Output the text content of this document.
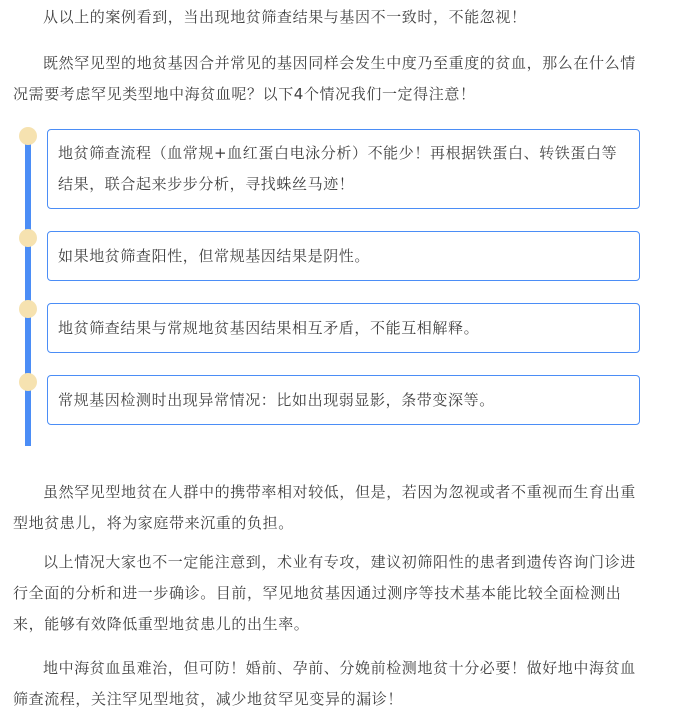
从以上的案例看到，当出现地贫筛查结果与基因不一致时，不能忽视！

既然罕见型的地贫基因合并常见的基因同样会发生中度乃至重度的贫血，那么在什么情况需要考虑罕见类型地中海贫血呢？以下4个情况我们一定得注意！

地贫筛查流程（血常规+血红蛋白电泳分析）不能少！再根据铁蛋白、转铁蛋白等结果，联合起来步步分析，寻找蛛丝马迹！
如果地贫筛查阳性，但常规基因结果是阴性。
地贫筛查结果与常规地贫基因结果相互矛盾，不能互相解释。
常规基因检测时出现异常情况：比如出现弱显影，条带变深等。

虽然罕见型地贫在人群中的携带率相对较低，但是，若因为忽视或者不重视而生育出重型地贫患儿，将为家庭带来沉重的负担。

以上情况大家也不一定能注意到，术业有专攻，建议初筛阳性的患者到遗传咨询门诊进行全面的分析和进一步确诊。目前，罕见地贫基因通过测序等技术基本能比较全面检测出来，能够有效降低重型地贫患儿的出生率。

地中海贫血虽难治，但可防！婚前、孕前、分娩前检测地贫十分必要！做好地中海贫血筛查流程，关注罕见型地贫，减少地贫罕见变异的漏诊！
